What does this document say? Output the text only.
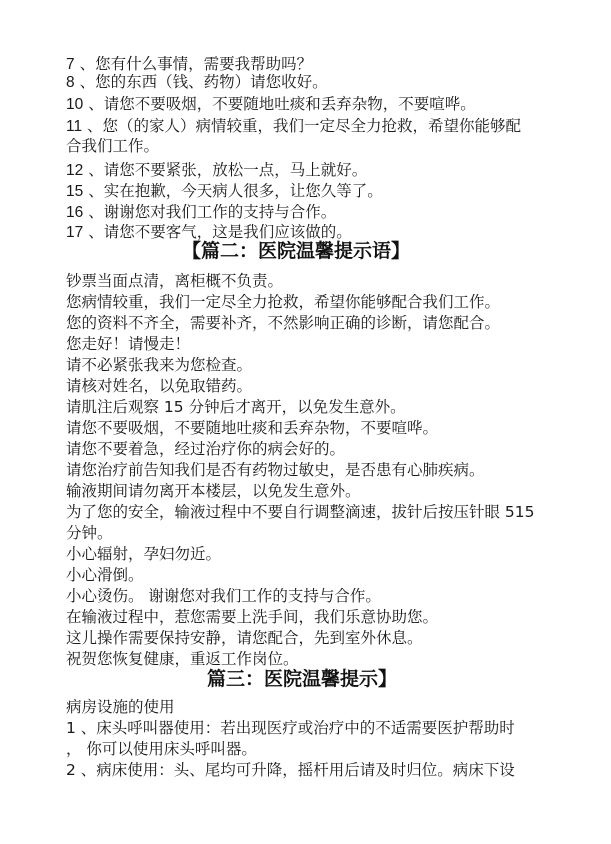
7 、您有什么事情，需要我帮助吗？
8 、您的东西（钱、药物）请您收好。
10 、请您不要吸烟，不要随地吐痰和丢弃杂物，不要喧哗。
11 、您（的家人）病情较重，我们一定尽全力抢救，希望你能够配
合我们工作。
12 、请您不要紧张，放松一点，马上就好。
15 、实在抱歉，今天病人很多，让您久等了。
16 、谢谢您对我们工作的支持与合作。
17 、请您不要客气，这是我们应该做的。
【篇二：医院温馨提示语】
钞票当面点清，离柜概不负责。
您病情较重，我们一定尽全力抢救，希望你能够配合我们工作。
您的资料不齐全，需要补齐，不然影响正确的诊断，请您配合。
您走好！请慢走！
请不必紧张我来为您检查。
请核对姓名，以免取错药。
请肌注后观察 15 分钟后才离开，以免发生意外。
请您不要吸烟，不要随地吐痰和丢弃杂物，不要喧哗。
请您不要着急，经过治疗你的病会好的。
请您治疗前告知我们是否有药物过敏史，是否患有心肺疾病。
输液期间请勿离开本楼层，以免发生意外。
为了您的安全，输液过程中不要自行调整滴速，拔针后按压针眼 515
分钟。
小心辐射，孕妇勿近。
小心滑倒。
小心烫伤。 谢谢您对我们工作的支持与合作。
在输液过程中，惹您需要上洗手间，我们乐意协助您。
这儿操作需要保持安静，请您配合，先到室外休息。
祝贺您恢复健康，重返工作岗位。
篇三：医院温馨提示】
病房设施的使用
1 、床头呼叫器使用：若出现医疗或治疗中的不适需要医护帮助时
， 你可以使用床头呼叫器。
2 、病床使用：头、尾均可升降，摇杆用后请及时归位。病床下设
